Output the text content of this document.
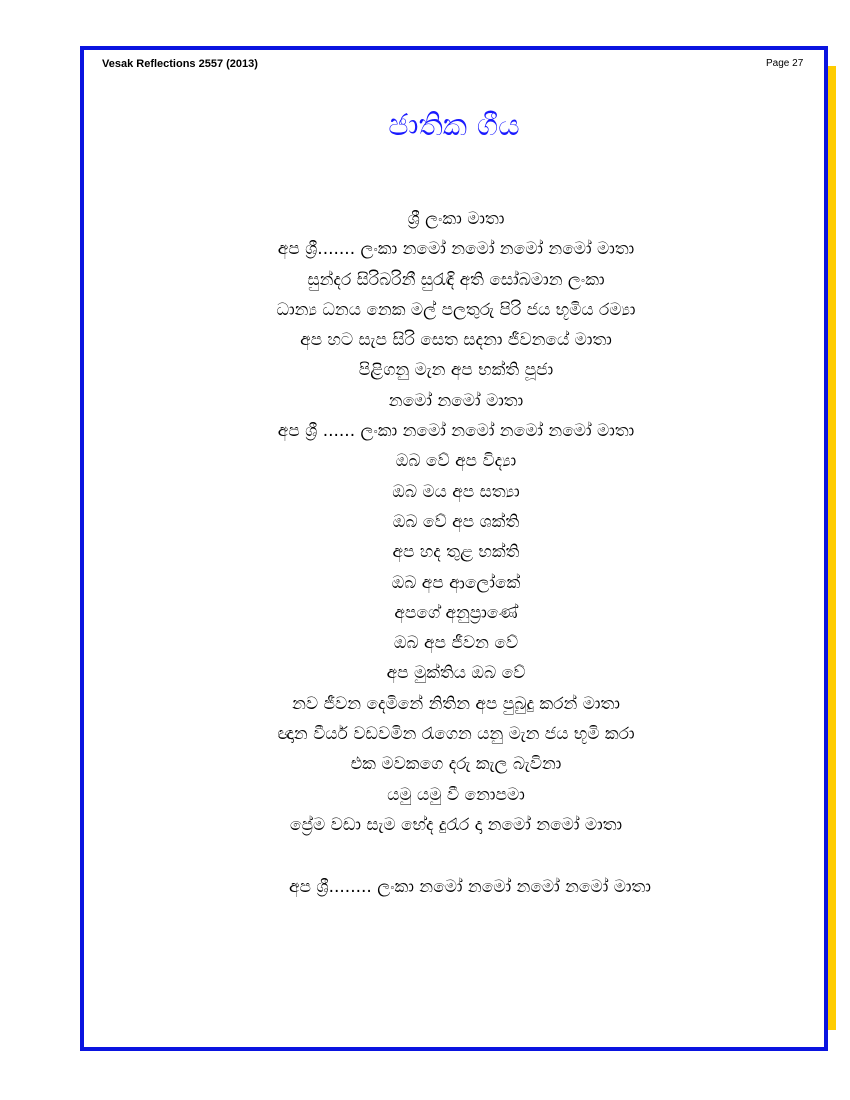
Vesak Reflections 2557 (2013)	Page 27
ජාතික ගීය
ශ්‍රී ලංකා මාතා
අප ශ්‍රී....... ලංකා නමෝ නමෝ නමෝ නමෝ මාතා
සුන්දර සිරිබරිනී සුරැඳි අති සෝබමාන ලංකා
ධාන්‍ය ධනය නෙක මල් පලතුරු පිරි ජය භූමිය රම්‍යා
අප හට සැප සිරි සෙත සදනා ජීවනයේ මාතා
පිළිගනු මැන අප භක්ති පූජා
නමෝ නමෝ මාතා
අප ශ්‍රී ...... ලංකා නමෝ නමෝ නමෝ නමෝ මාතා
ඔබ වේ අප විද්‍යා
ඔබ මය අප සත්‍යා
ඔබ වේ අප ශක්ති
අප හද තුළ භක්ති
ඔබ අප ආලෝකේ
අපගේ අනුප්‍රාණේ
ඔබ අප ජීවන වේ
අප මුක්තිය ඔබ වේ
නව ජීවන දෙමිනේ නිතින අප පුබුදු කරන් මාතා
ඥාන වීර්ය වඩවමින රැගෙන යනු මැන ජය භූමි කරා
එක මවකගෙ දරු කැල බැවිනා
යමු යමු වී නොපමා
ප්‍රේම වඩා සැම භේද දුරැර දා නමෝ නමෝ මාතා
අප ශ්‍රී........ ලංකා නමෝ නමෝ නමෝ නමෝ මාතා
